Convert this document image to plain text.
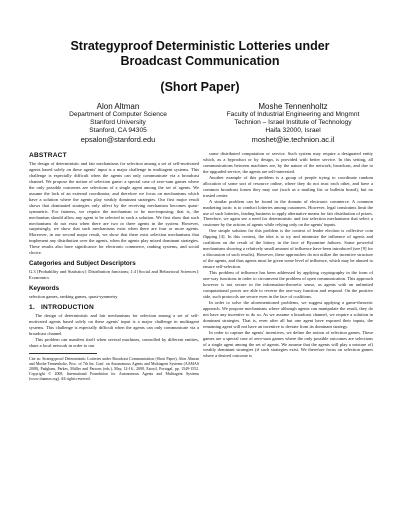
Strategyproof Deterministic Lotteries under Broadcast Communication
(Short Paper)
Alon Altman
Department of Computer Science
Stanford University
Stanford, CA 94305
epsalon@stanford.edu
Moshe Tennenholtz
Faculty of Industrial Engineering and Mngmnt
Technion – Israel Institute of Technology
Haifa 32000, Israel
moshet@ie.technion.ac.il
ABSTRACT
The design of deterministic and fair mechanisms for selection among a set of self-motivated agents based solely on these agents' input is a major challenge in multiagent systems. This challenge is especially difficult when the agents can only communicate via a broadcast channel. We propose the notion of selection game: a special case of zero-sum games where the only possible outcomes are selections of a single agent among the set of agents. We assume the lack of an external coordinator, and therefore we focus on mechanisms which have a solution where the agents play weakly dominant strategies. Our first major result shows that dominated strategies only affect by the receiving mechanism becomes quasi-symmetric. For fairness, we require the mechanism to be non-imposing; that is, the mechanism should allow any agent to be selected in such a solution. We first show that such mechanisms do not exist when there are two or three agents in the system. However, surprisingly, we show that such mechanisms exist when there are four or more agents. Moreover, in our second major result, we show that there exist selection mechanisms that implement any distribution over the agents, when the agents play mixed dominant strategies. These results also have significance for electronic commerce, ranking systems, and social choice.
Categories and Subject Descriptors
G.3 [Probability and Statistics]: Distribution functions; J.4 [Social and Behavioral Sciences]: Economics
Keywords
selection games, ranking games, quasi-symmetry
1. INTRODUCTION
The design of deterministic and fair mechanisms for selection among a set of self-motivated agents based solely on these agents' input is a major challenge in multiagent systems. This challenge is especially difficult when the agents can only communicate via a broadcast channel.
This problem can manifest itself when several machines, controlled by different entities, share a local network in order to run
Cite as: Strategyproof Deterministic Lotteries under Broadcast Communication (Short Paper), Alon Altman and Moshe Tennenholtz, Proc. of 7th Int. Conf. on Autonomous Agents and Multiagent Systems (AAMAS 2008), Padgham, Parkes, Müller and Parsons (eds.), May, 12-16., 2008, Estoril, Portugal, pp. 1549-1552. Copyright © 2008, International Foundation for Autonomous Agents and Multiagent Systems (www.ifaamas.org). All rights reserved.
some distributed computation or service. Such system may require a designated entity which, as a byproduct or by design, is provided with better service. In this setting, all communications between machines are, by the nature of the network, broadcast, and due to the upgraded service, the agents are self-interested.
Another example of this problem is a group of people trying to coordinate random allocation of some sort of resource online, where they do not trust each other, and have a common broadcast forum they may use (such as a mailing list or bulletin board), but no trusted center.
A similar problem can be found in the domain of electronic commerce. A common marketing tactic is to conduct lotteries among customers. However, legal constraints limit the use of such lotteries, leading business to apply alternative means for fair distribution of prizes. Therefore, we again see a need for deterministic and fair selection mechanisms that select a customer by the actions of agents while relying only on the agents' inputs.
One simple solution for this problem is the context of leader election is collective coin flipping [4]. In this context, the idea is to try and minimize the influence of agents and coalitions on the result of the lottery in the face of Byzantine failures. Some powerful mechanisms showing a relatively small amount of influence have been introduced (see [9] for a discussion of such results). However, these approaches do not utilize the incentive structure of the agents, and thus agents must be given some level of influence, which may be abused to ensure self-selection.
This problem of influence has been addressed by applying cryptography in the form of one-way functions in order to circumvent the problem of open communication. This approach however is not secure in the information-theoretic sense, as agents with an unlimited computational power are able to reverse the one-way function and respond. On the positive side, such protocols are secure even in the face of coalitions.
In order to solve the aforementioned problems, we suggest applying a game-theoretic approach. We propose mechanisms where although agents can manipulate the result, they do not have any incentive to do so. As we assume a broadcast channel, we require a solution in dominant strategies. That is, even after all but one agent have exposed their inputs, the remaining agent will not have an incentive to deviate from its dominant strategy.
In order to capture the agents' incentives, we define the notion of selection games. These games are a special case of zero-sum games where the only possible outcomes are selections of a single agent among the set of agents. We assume that the agents will play a mixture of) weakly dominant strategies (if such strategies exist. We therefore focus on selection games where a desired outcome is
